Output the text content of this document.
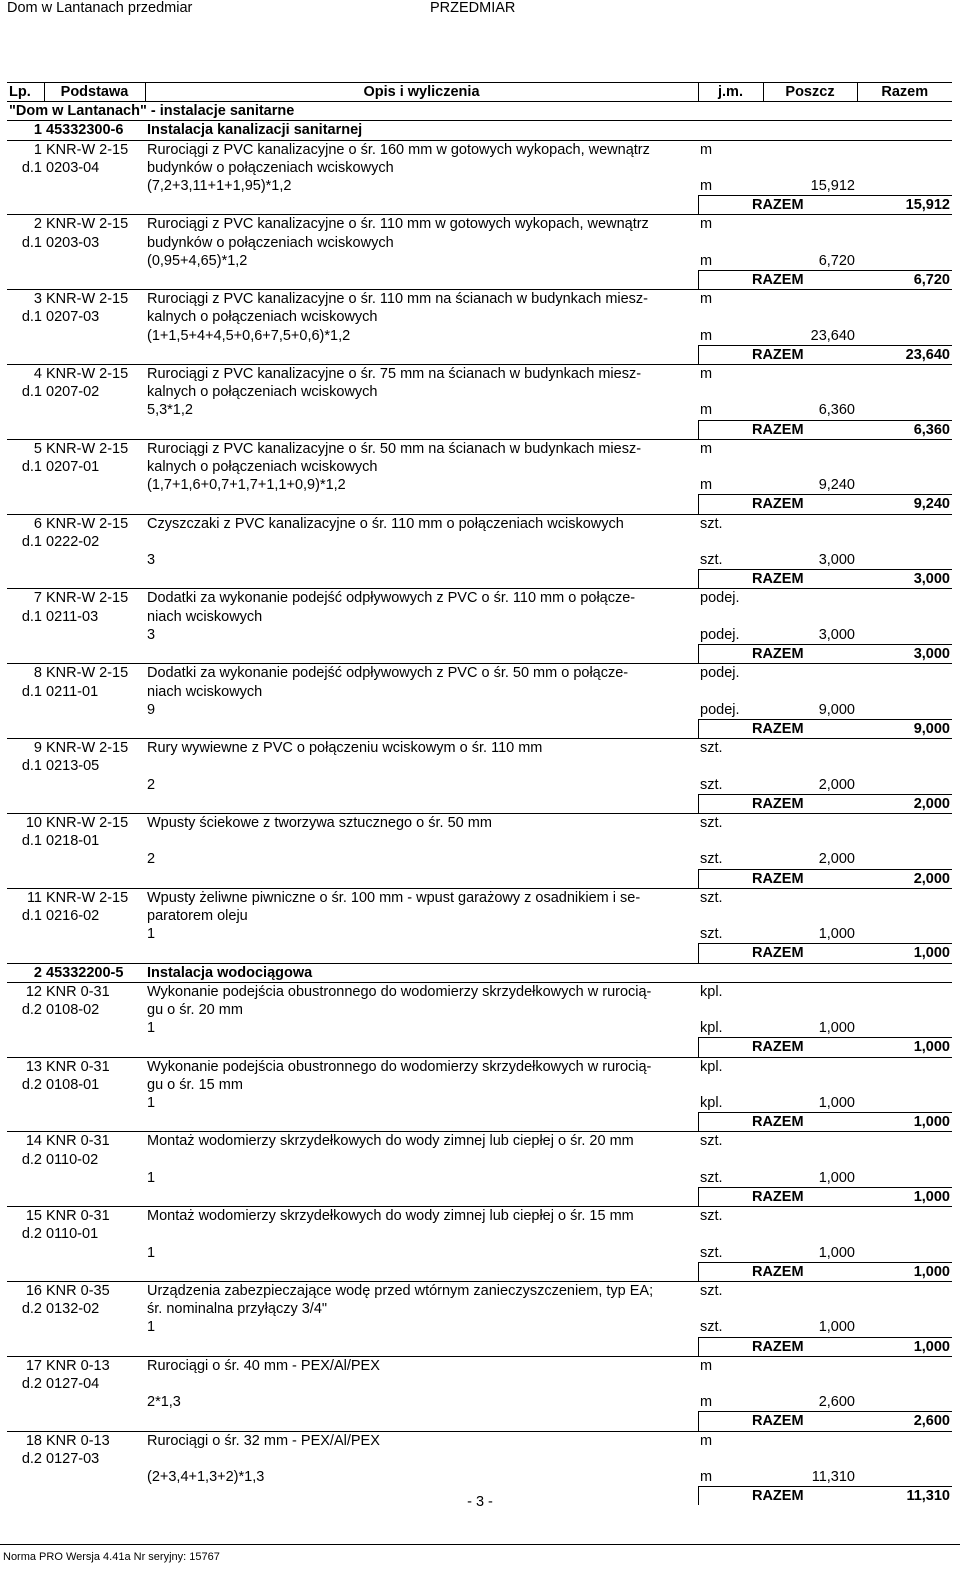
Dom w Lantanach przedmiar	PRZEDMIAR
Lp.	Podstawa	Opis i wyliczenia	j.m.	Poszcz	Razem
"Dom w Lantanach" - instalacje sanitarne					
1	45332300-6	Instalacja kanalizacji sanitarnej			
1	KNR-W 2-15	Rurociągi z PVC kanalizacyjne o śr. 160 mm w gotowych wykopach, wewnątrz	m		
d.1	0203-04	budynków o połączeniach wciskowych			
		(7,2+3,11+1+1,95)*1,2	m	15,912	
			RAZEM		15,912
2	KNR-W 2-15	Rurociągi z PVC kanalizacyjne o śr. 110 mm w gotowych wykopach, wewnątrz	m		
d.1	0203-03	budynków o połączeniach wciskowych			
		(0,95+4,65)*1,2	m	6,720	
			RAZEM		6,720
3	KNR-W 2-15	Rurociągi z PVC kanalizacyjne o śr. 110 mm na ścianach w budynkach miesz-	m		
d.1	0207-03	kalnych o połączeniach wciskowych			
		(1+1,5+4+4,5+0,6+7,5+0,6)*1,2	m	23,640	
			RAZEM		23,640
4	KNR-W 2-15	Rurociągi z PVC kanalizacyjne o śr. 75 mm na ścianach w budynkach miesz-	m		
d.1	0207-02	kalnych o połączeniach wciskowych			
		5,3*1,2	m	6,360	
			RAZEM		6,360
5	KNR-W 2-15	Rurociągi z PVC kanalizacyjne o śr. 50 mm na ścianach w budynkach miesz-	m		
d.1	0207-01	kalnych o połączeniach wciskowych			
		(1,7+1,6+0,7+1,7+1,1+0,9)*1,2	m	9,240	
			RAZEM		9,240
6	KNR-W 2-15	Czyszczaki z PVC kanalizacyjne o śr. 110 mm o połączeniach wciskowych	szt.		
d.1	0222-02				
		3	szt.	3,000	
			RAZEM		3,000
7	KNR-W 2-15	Dodatki za wykonanie podejść odpływowych z PVC o śr. 110 mm o połącze-	podej.		
d.1	0211-03	niach wciskowych			
		3	podej.	3,000	
			RAZEM		3,000
8	KNR-W 2-15	Dodatki za wykonanie podejść odpływowych z PVC o śr. 50 mm o połącze-	podej.		
d.1	0211-01	niach wciskowych			
		9	podej.	9,000	
			RAZEM		9,000
9	KNR-W 2-15	Rury wywiewne z PVC o połączeniu wciskowym o śr. 110 mm	szt.		
d.1	0213-05				
		2	szt.	2,000	
			RAZEM		2,000
10	KNR-W 2-15	Wpusty ściekowe z tworzywa sztucznego o śr. 50 mm	szt.		
d.1	0218-01				
		2	szt.	2,000	
			RAZEM		2,000
11	KNR-W 2-15	Wpusty żeliwne piwniczne o śr. 100 mm - wpust garażowy z osadnikiem i se-	szt.		
d.1	0216-02	paratorem oleju			
		1	szt.	1,000	
			RAZEM		1,000
2	45332200-5	Instalacja wodociągowa			
12	KNR 0-31	Wykonanie podejścia obustronnego do wodomierzy skrzydełkowych w rurocią-	kpl.		
d.2	0108-02	gu o śr. 20 mm			
		1	kpl.	1,000	
			RAZEM		1,000
13	KNR 0-31	Wykonanie podejścia obustronnego do wodomierzy skrzydełkowych w rurocią-	kpl.		
d.2	0108-01	gu o śr. 15 mm			
		1	kpl.	1,000	
			RAZEM		1,000
14	KNR 0-31	Montaż wodomierzy skrzydełkowych do wody zimnej lub ciepłej o śr. 20 mm	szt.		
d.2	0110-02				
		1	szt.	1,000	
			RAZEM		1,000
15	KNR 0-31	Montaż wodomierzy skrzydełkowych do wody zimnej lub ciepłej o śr. 15 mm	szt.		
d.2	0110-01				
		1	szt.	1,000	
			RAZEM		1,000
16	KNR 0-35	Urządzenia zabezpieczające wodę przed wtórnym zanieczyszczeniem, typ EA;	szt.		
d.2	0132-02	śr. nominalna przyłączy 3/4"			
		1	szt.	1,000	
			RAZEM		1,000
17	KNR 0-13	Rurociągi o śr. 40 mm - PEX/Al/PEX	m		
d.2	0127-04				
		2*1,3	m	2,600	
			RAZEM		2,600
18	KNR 0-13	Rurociągi o śr. 32 mm - PEX/Al/PEX	m		
d.2	0127-03				
		(2+3,4+1,3+2)*1,3	m	11,310	
			RAZEM		11,310
- 3 -
Norma PRO Wersja 4.41a Nr seryjny: 15767
